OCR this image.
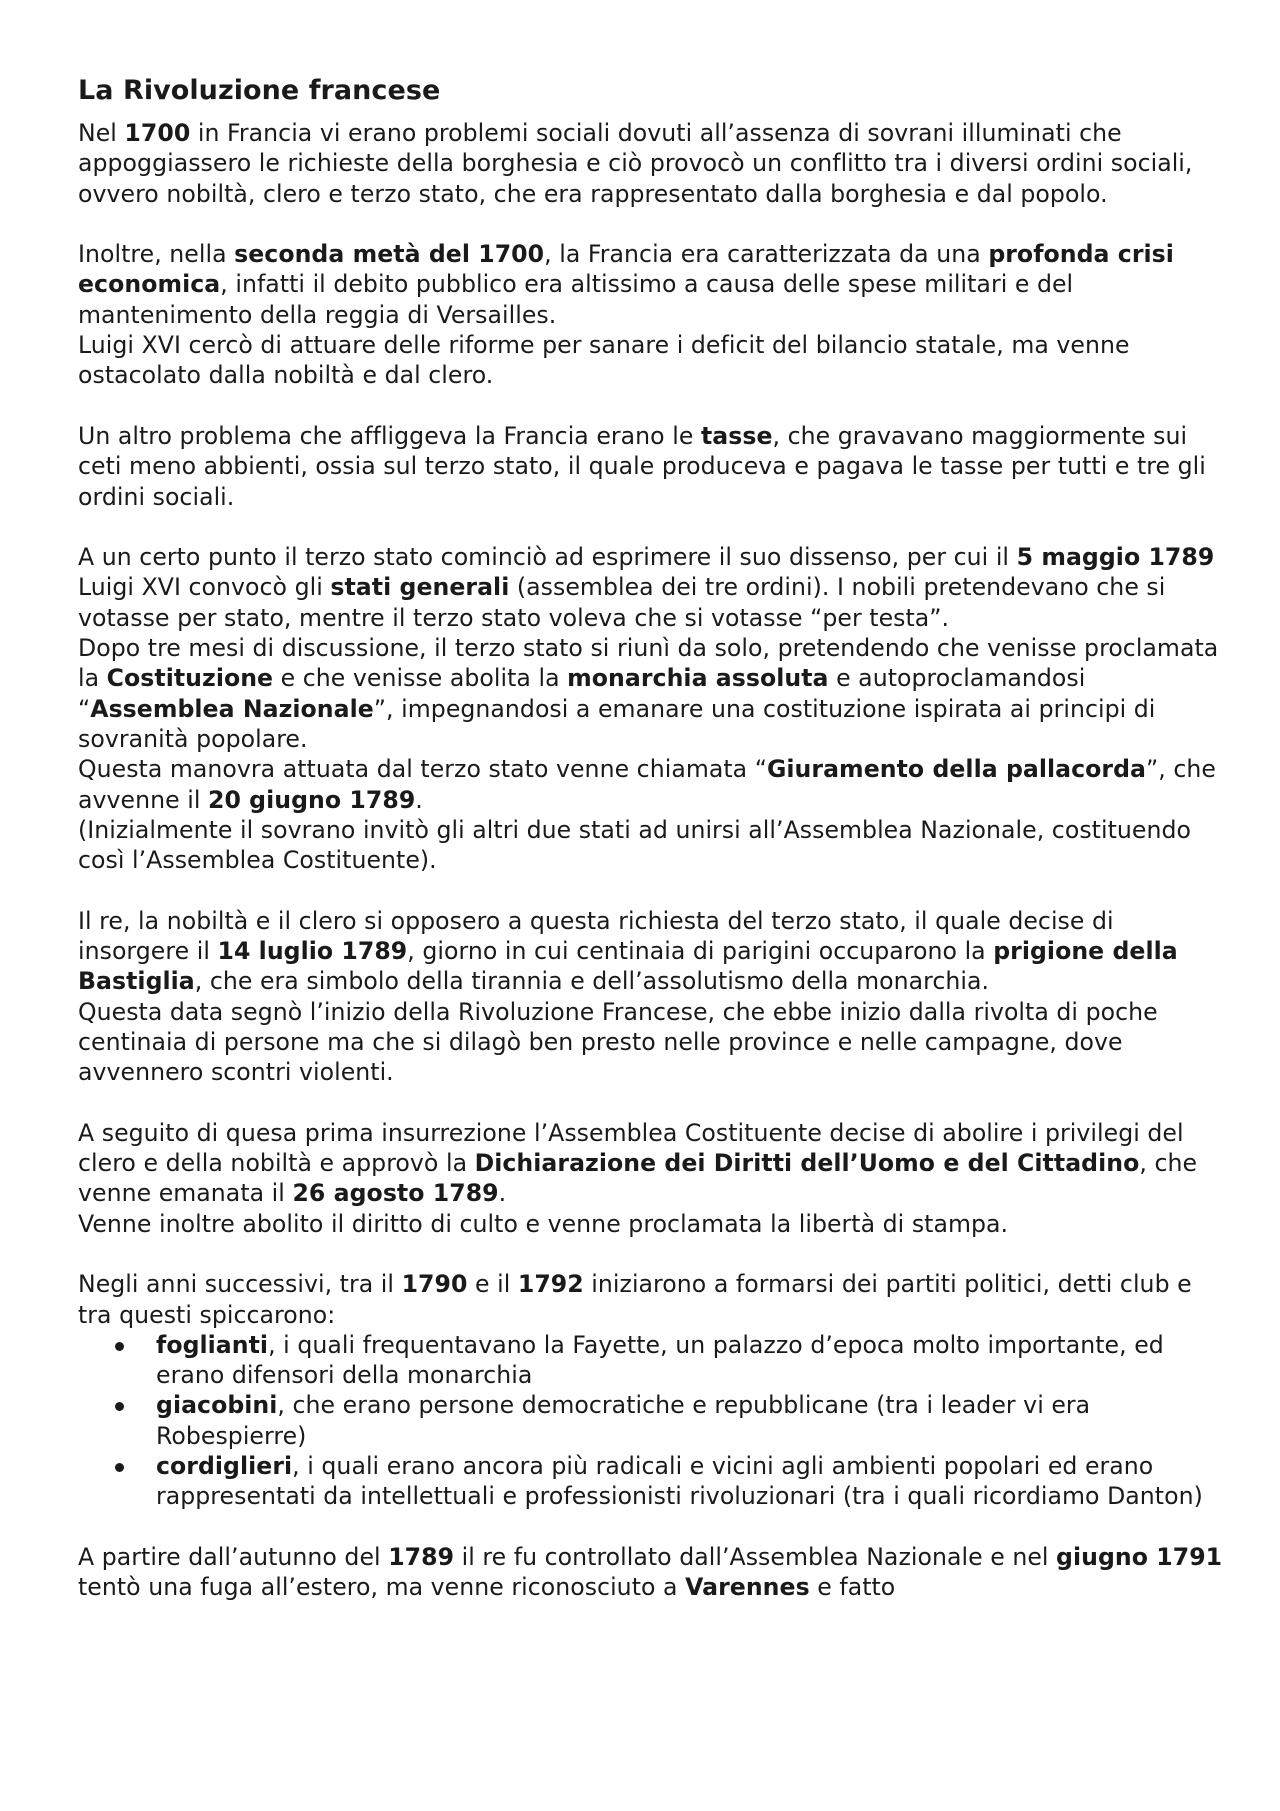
La Rivoluzione francese

Nel 1700 in Francia vi erano problemi sociali dovuti all’assenza di sovrani illuminati che appoggiassero le richieste della borghesia e ciò provocò un conflitto tra i diversi ordini sociali, ovvero nobiltà, clero e terzo stato, che era rappresentato dalla borghesia e dal popolo.

Inoltre, nella seconda metà del 1700, la Francia era caratterizzata da una profonda crisi economica, infatti il debito pubblico era altissimo a causa delle spese militari e del mantenimento della reggia di Versailles.

Luigi XVI cercò di attuare delle riforme per sanare i deficit del bilancio statale, ma venne ostacolato dalla nobiltà e dal clero.

Un altro problema che affliggeva la Francia erano le tasse, che gravavano maggiormente sui ceti meno abbienti, ossia sul terzo stato, il quale produceva e pagava le tasse per tutti e tre gli ordini sociali.

A un certo punto il terzo stato cominciò ad esprimere il suo dissenso, per cui il 5 maggio 1789 Luigi XVI convocò gli stati generali (assemblea dei tre ordini). I nobili pretendevano che si votasse per stato, mentre il terzo stato voleva che si votasse “per testa”.

Dopo tre mesi di discussione, il terzo stato si riunì da solo, pretendendo che venisse proclamata la Costituzione e che venisse abolita la monarchia assoluta e autoproclamandosi “Assemblea Nazionale”, impegnandosi a emanare una costituzione ispirata ai principi di sovranità popolare.

Questa manovra attuata dal terzo stato venne chiamata “Giuramento della pallacorda”, che avvenne il 20 giugno 1789.

(Inizialmente il sovrano invitò gli altri due stati ad unirsi all’Assemblea Nazionale, costituendo così l’Assemblea Costituente).

Il re, la nobiltà e il clero si opposero a questa richiesta del terzo stato, il quale decise di insorgere il 14 luglio 1789, giorno in cui centinaia di parigini occuparono la prigione della Bastiglia, che era simbolo della tirannia e dell’assolutismo della monarchia.

Questa data segnò l’inizio della Rivoluzione Francese, che ebbe inizio dalla rivolta di poche centinaia di persone ma che si dilagò ben presto nelle province e nelle campagne, dove avvennero scontri violenti.

A seguito di quesa prima insurrezione l’Assemblea Costituente decise di abolire i privilegi del clero e della nobiltà e approvò la Dichiarazione dei Diritti dell’Uomo e del Cittadino, che venne emanata il 26 agosto 1789.

Venne inoltre abolito il diritto di culto e venne proclamata la libertà di stampa.

Negli anni successivi, tra il 1790 e il 1792 iniziarono a formarsi dei partiti politici, detti club e tra questi spiccarono:

foglianti, i quali frequentavano la Fayette, un palazzo d’epoca molto importante, ed erano difensori della monarchia
giacobini, che erano persone democratiche e repubblicane (tra i leader vi era Robespierre)
cordiglieri, i quali erano ancora più radicali e vicini agli ambienti popolari ed erano rappresentati da intellettuali e professionisti rivoluzionari (tra i quali ricordiamo Danton)

A partire dall’autunno del 1789 il re fu controllato dall’Assemblea Nazionale e nel giugno 1791 tentò una fuga all’estero, ma venne riconosciuto a Varennes e fatto
